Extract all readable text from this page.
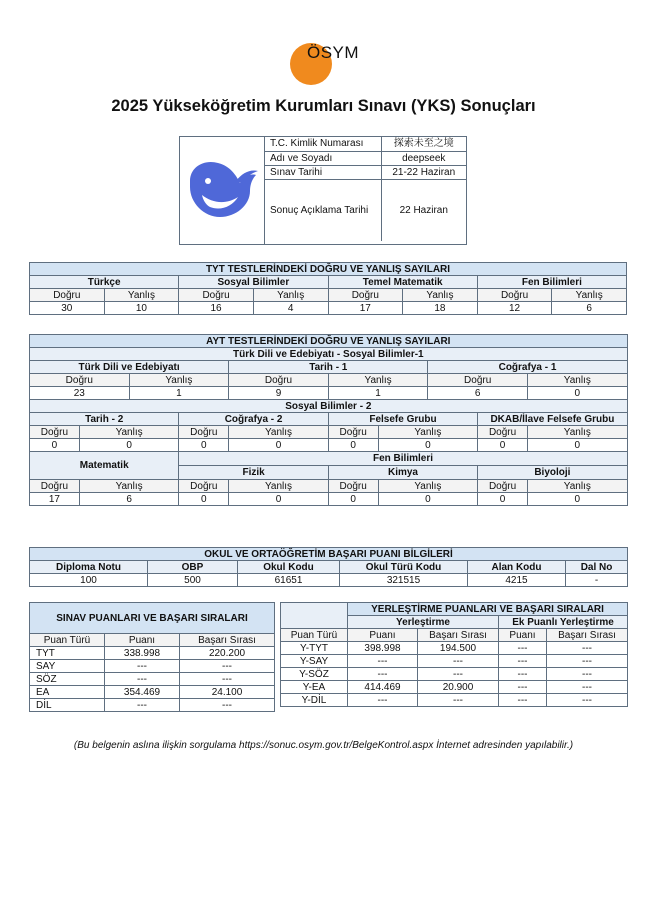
ÖSYM
2025 Yükseköğretim Kurumları Sınavı (YKS) Sonuçları
T.C. Kimlik Numarası	探索未至之境
Adı ve Soyadı	deepseek
Sınav Tarihi	21-22 Haziran
Sonuç Açıklama Tarihi	22 Haziran
TYT TESTLERİNDEKİ DOĞRU VE YANLIŞ SAYILARI							
Türkçe		Sosyal Bilimler		Temel Matematik		Fen Bilimleri	
Doğru	Yanlış	Doğru	Yanlış	Doğru	Yanlış	Doğru	Yanlış
30	10	16	4	17	18	12	6
AYT TESTLERİNDEKİ DOĞRU VE YANLIŞ SAYILARI									
Türk Dili ve Edebiyatı - Sosyal Bilimler-1									
Türk Dili ve Edebiyatı				Tarih - 1			Coğrafya - 1		
Doğru		Yanlış		Doğru	Yanlış		Doğru		Yanlış
23		1		9	1		6		0
Sosyal Bilimler - 2									
Tarih - 2			Coğrafya - 2		Felsefe Grubu			DKAB/İlave Felsefe Grubu	
Doğru	Yanlış		Doğru	Yanlış	Doğru	Yanlış		Doğru	Yanlış
0	0		0	0	0	0		0	0
Matematik			Fen Bilimleri						
			Fizik		Kimya			Biyoloji	
Doğru	Yanlış		Doğru	Yanlış	Doğru	Yanlış		Doğru	Yanlış
17	6		0	0	0	0		0	0
OKUL VE ORTAÖĞRETİM BAŞARI PUANI BİLGİLERİ					
Diploma Notu	OBP	Okul Kodu	Okul Türü Kodu	Alan Kodu	Dal No
100	500	61651	321515	4215	-
SINAV PUANLARI VE BAŞARI SIRALARI		
Puan Türü	Puanı	Başarı Sırası
TYT	338.998	220.200
SAY	---	---
SÖZ	---	---
EA	354.469	24.100
DİL	---	---
	YERLEŞTİRME PUANLARI VE BAŞARI SIRALARI			
	Yerleştirme		Ek Puanlı Yerleştirme	
Puan Türü	Puanı	Başarı Sırası	Puanı	Başarı Sırası
Y-TYT	398.998	194.500	---	---
Y-SAY	---	---	---	---
Y-SÖZ	---	---	---	---
Y-EA	414.469	20.900	---	---
Y-DİL	---	---	---	---
(Bu belgenin aslına ilişkin sorgulama https://sonuc.osym.gov.tr/BelgeKontrol.aspx İnternet adresinden yapılabilir.)
